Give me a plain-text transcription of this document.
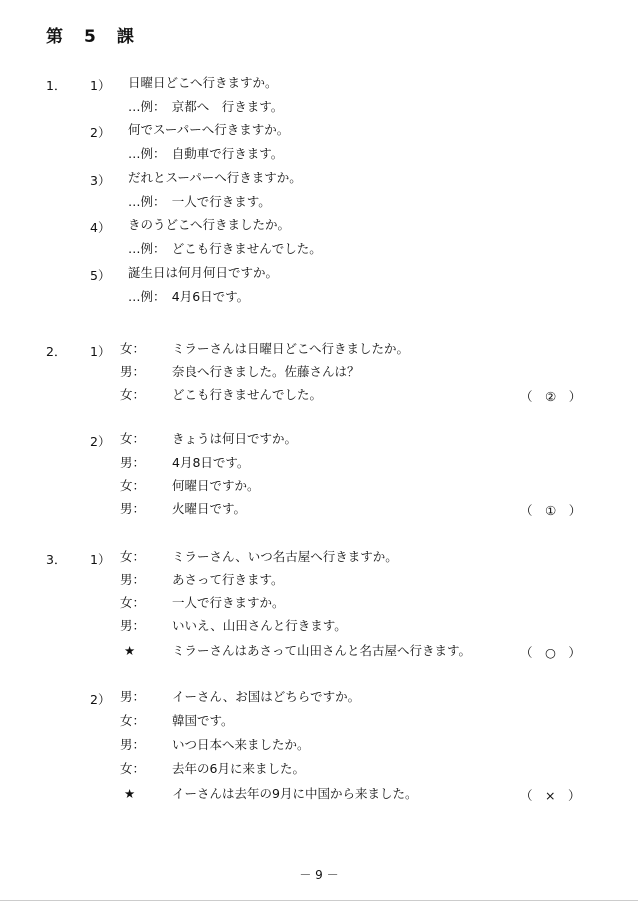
第　5　課
1． 1） 日曜日どこへ行きますか。
…例：　京都へ　行きます。
2） 何でスーパーへ行きますか。
…例：　自動車で行きます。
3） だれとスーパーへ行きますか。
…例：　一人で行きます。
4） きのうどこへ行きましたか。
…例：　どこも行きませんでした。
5） 誕生日は何月何日ですか。
…例：　4月6日です。
2． 1） 女： ミラーさんは日曜日どこへ行きましたか。
男： 奈良へ行きました。佐藤さんは？
女： どこも行きませんでした。	（　②　）
2） 女： きょうは何日ですか。
男： 4月8日です。
女： 何曜日ですか。
男： 火曜日です。	（　①　）
3． 1） 女： ミラーさん、いつ名古屋へ行きますか。
男： あさって行きます。
女： 一人で行きますか。
男： いいえ、山田さんと行きます。
★	ミラーさんはあさって山田さんと名古屋へ行きます。	（　○　）
2） 男： イーさん、お国はどちらですか。
女： 韓国です。
男： いつ日本へ来ましたか。
女： 去年の6月に来ました。
★	イーさんは去年の9月に中国から来ました。	（　×　）
－ 9 －
